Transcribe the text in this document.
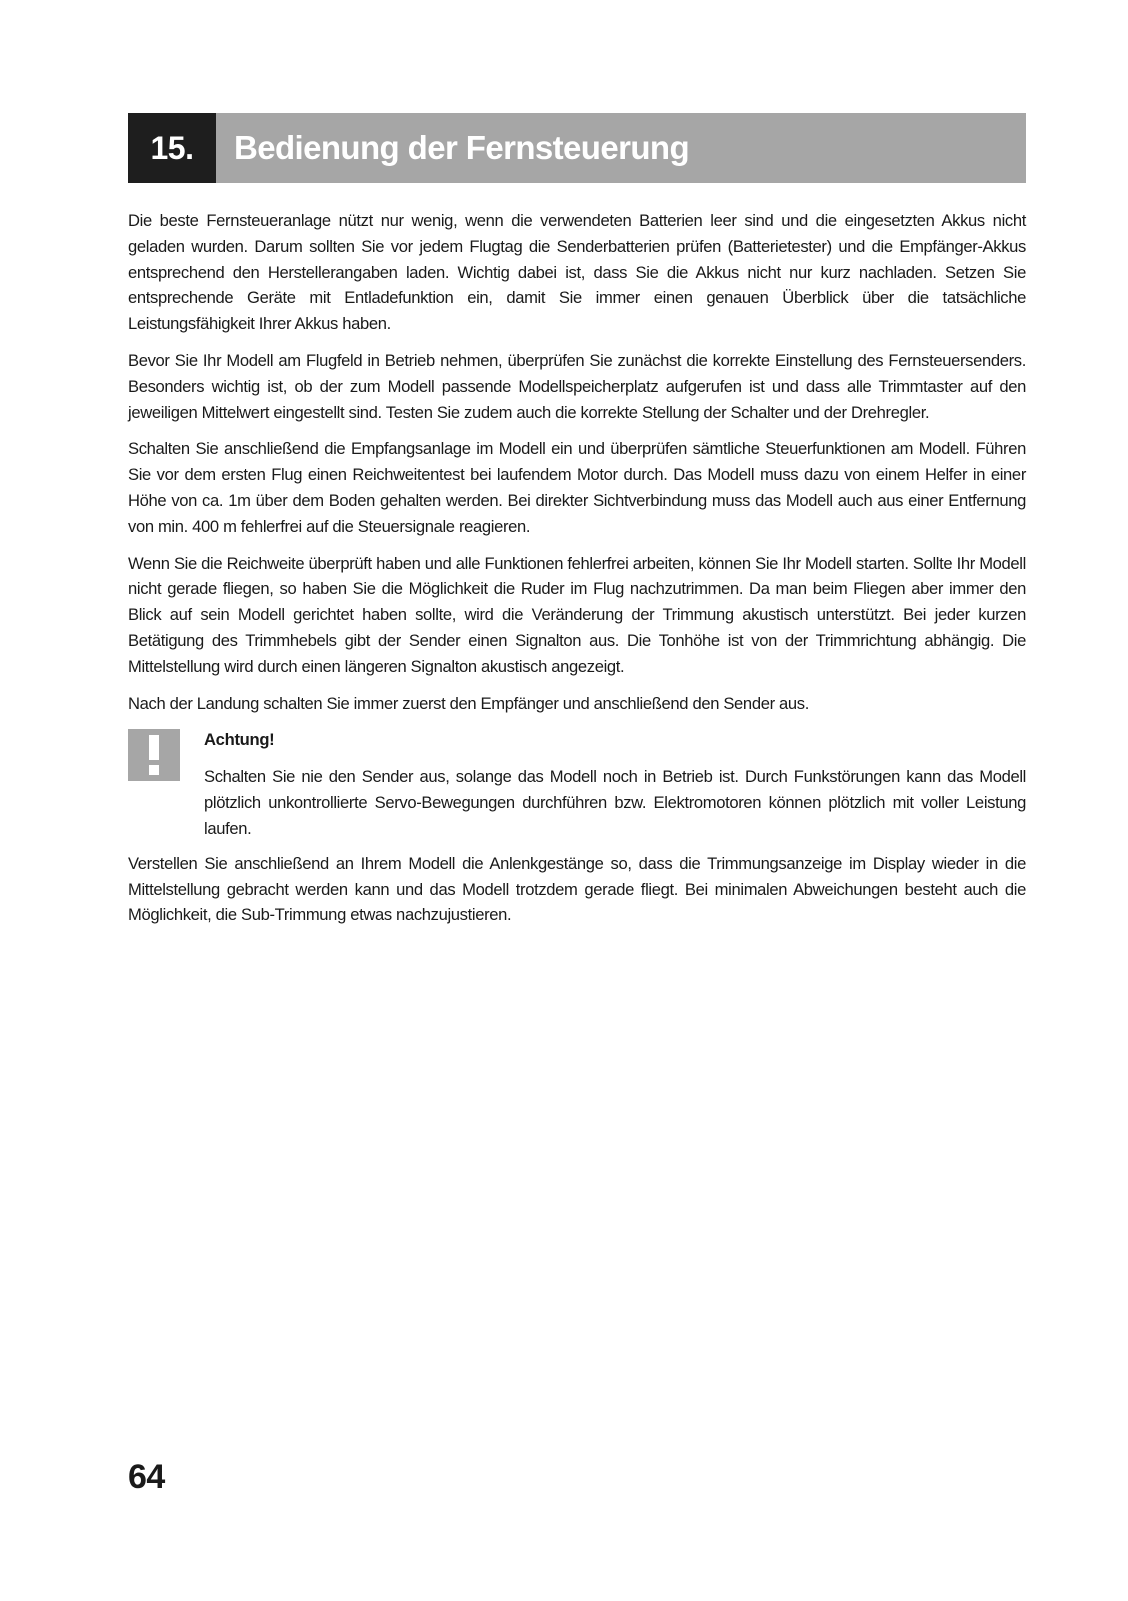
15.	Bedienung der Fernsteuerung

Die beste Fernsteueranlage nützt nur wenig, wenn die verwendeten Batterien leer sind und die eingesetzten Akkus nicht geladen wurden. Darum sollten Sie vor jedem Flugtag die Senderbatterien prüfen (Batterietester) und die Empfänger-Akkus entsprechend den Herstellerangaben laden. Wichtig dabei ist, dass Sie die Akkus nicht nur kurz nachladen. Setzen Sie entsprechende Geräte mit Entladefunktion ein, damit Sie immer einen genauen Überblick über die tatsächliche Leistungsfähigkeit Ihrer Akkus haben.

Bevor Sie Ihr Modell am Flugfeld in Betrieb nehmen, überprüfen Sie zunächst die korrekte Einstellung des Fernsteuersenders. Besonders wichtig ist, ob der zum Modell passende Modellspeicherplatz aufgerufen ist und dass alle Trimmtaster auf den jeweiligen Mittelwert eingestellt sind. Testen Sie zudem auch die korrekte Stellung der Schalter und der Drehregler.

Schalten Sie anschließend die Empfangsanlage im Modell ein und überprüfen sämtliche Steuerfunktionen am Modell. Führen Sie vor dem ersten Flug einen Reichweitentest bei laufendem Motor durch. Das Modell muss dazu von einem Helfer in einer Höhe von ca. 1m über dem Boden gehalten werden. Bei direkter Sichtverbindung muss das Modell auch aus einer Entfernung von min. 400 m fehlerfrei auf die Steuersignale reagieren.

Wenn Sie die Reichweite überprüft haben und alle Funktionen fehlerfrei arbeiten, können Sie Ihr Modell starten. Sollte Ihr Modell nicht gerade fliegen, so haben Sie die Möglichkeit die Ruder im Flug nachzutrimmen. Da man beim Fliegen aber immer den Blick auf sein Modell gerichtet haben sollte, wird die Veränderung der Trimmung akustisch unterstützt. Bei jeder kurzen Betätigung des Trimmhebels gibt der Sender einen Signalton aus. Die Tonhöhe ist von der Trimmrichtung abhängig. Die Mittelstellung wird durch einen längeren Signalton akustisch angezeigt.

Nach der Landung schalten Sie immer zuerst den Empfänger und anschließend den Sender aus.

Achtung!

Schalten Sie nie den Sender aus, solange das Modell noch in Betrieb ist. Durch Funkstörungen kann das Modell plötzlich unkontrollierte Servo-Bewegungen durchführen bzw. Elektromotoren können plötzlich mit voller Leistung laufen.

Verstellen Sie anschließend an Ihrem Modell die Anlenkgestänge so, dass die Trimmungsanzeige im Display wieder in die Mittelstellung gebracht werden kann und das Modell trotzdem gerade fliegt. Bei minimalen Abweichungen besteht auch die Möglichkeit, die Sub-Trimmung etwas nachzujustieren.

64
